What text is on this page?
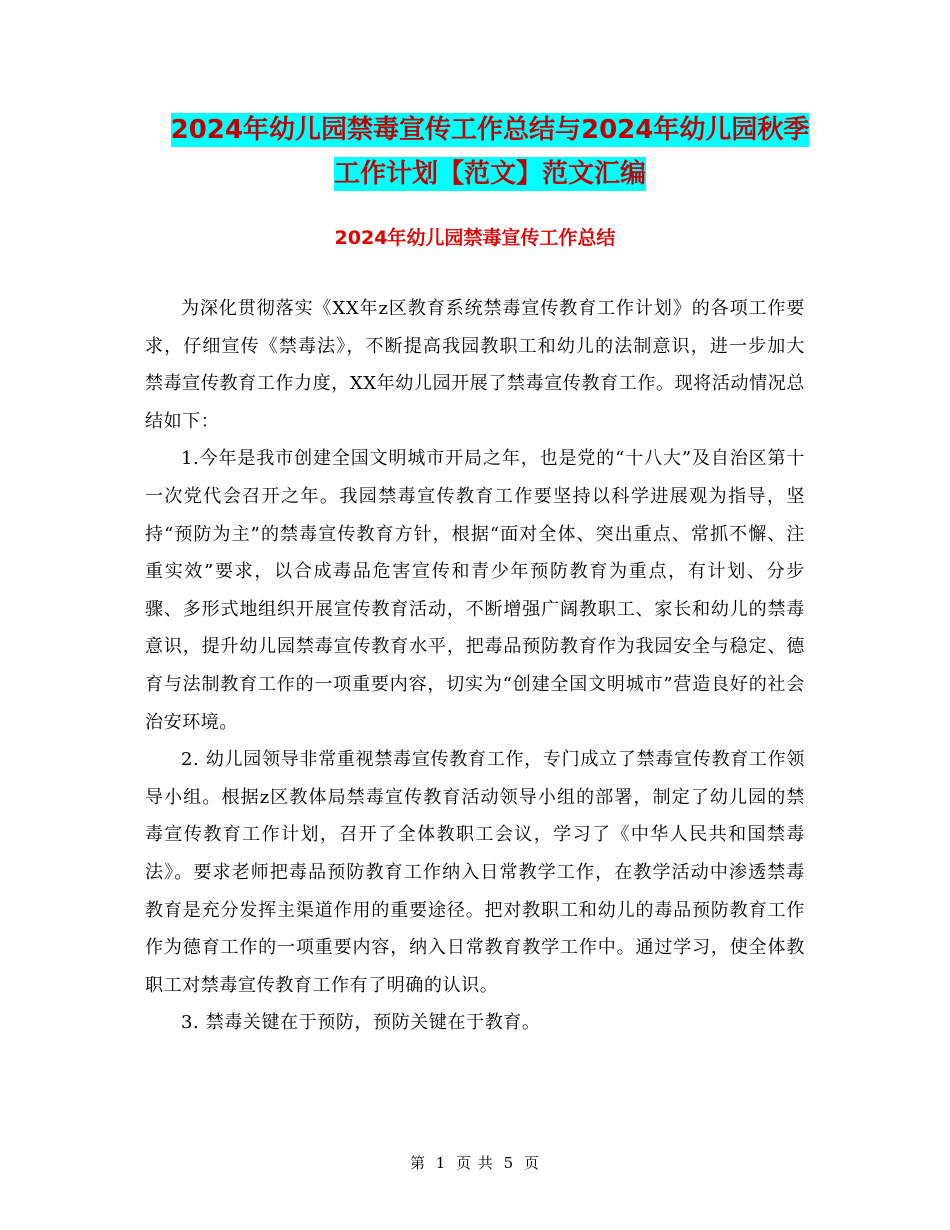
2024年幼儿园禁毒宣传工作总结与2024年幼儿园秋季
工作计划【范文】范文汇编
2024年幼儿园禁毒宣传工作总结

为深化贯彻落实《XX年z区教育系统禁毒宣传教育工作计划》的各项工作要求，仔细宣传《禁毒法》，不断提高我园教职工和幼儿的法制意识，进一步加大禁毒宣传教育工作力度，XX年幼儿园开展了禁毒宣传教育工作。现将活动情况总结如下：

1.今年是我市创建全国文明城市开局之年，也是党的“十八大”及自治区第十一次党代会召开之年。我园禁毒宣传教育工作要坚持以科学进展观为指导，坚持“预防为主”的禁毒宣传教育方针，根据“面对全体、突出重点、常抓不懈、注重实效”要求，以合成毒品危害宣传和青少年预防教育为重点，有计划、分步骤、多形式地组织开展宣传教育活动，不断增强广阔教职工、家长和幼儿的禁毒意识，提升幼儿园禁毒宣传教育水平，把毒品预防教育作为我园安全与稳定、德育与法制教育工作的一项重要内容，切实为“创建全国文明城市”营造良好的社会治安环境。

2. 幼儿园领导非常重视禁毒宣传教育工作，专门成立了禁毒宣传教育工作领导小组。根据z区教体局禁毒宣传教育活动领导小组的部署，制定了幼儿园的禁毒宣传教育工作计划，召开了全体教职工会议，学习了《中华人民共和国禁毒法》。要求老师把毒品预防教育工作纳入日常教学工作，在教学活动中渗透禁毒教育是充分发挥主渠道作用的重要途径。把对教职工和幼儿的毒品预防教育工作作为德育工作的一项重要内容，纳入日常教育教学工作中。通过学习，使全体教职工对禁毒宣传教育工作有了明确的认识。

3. 禁毒关键在于预防，预防关键在于教育。

第 1 页 共 5 页
